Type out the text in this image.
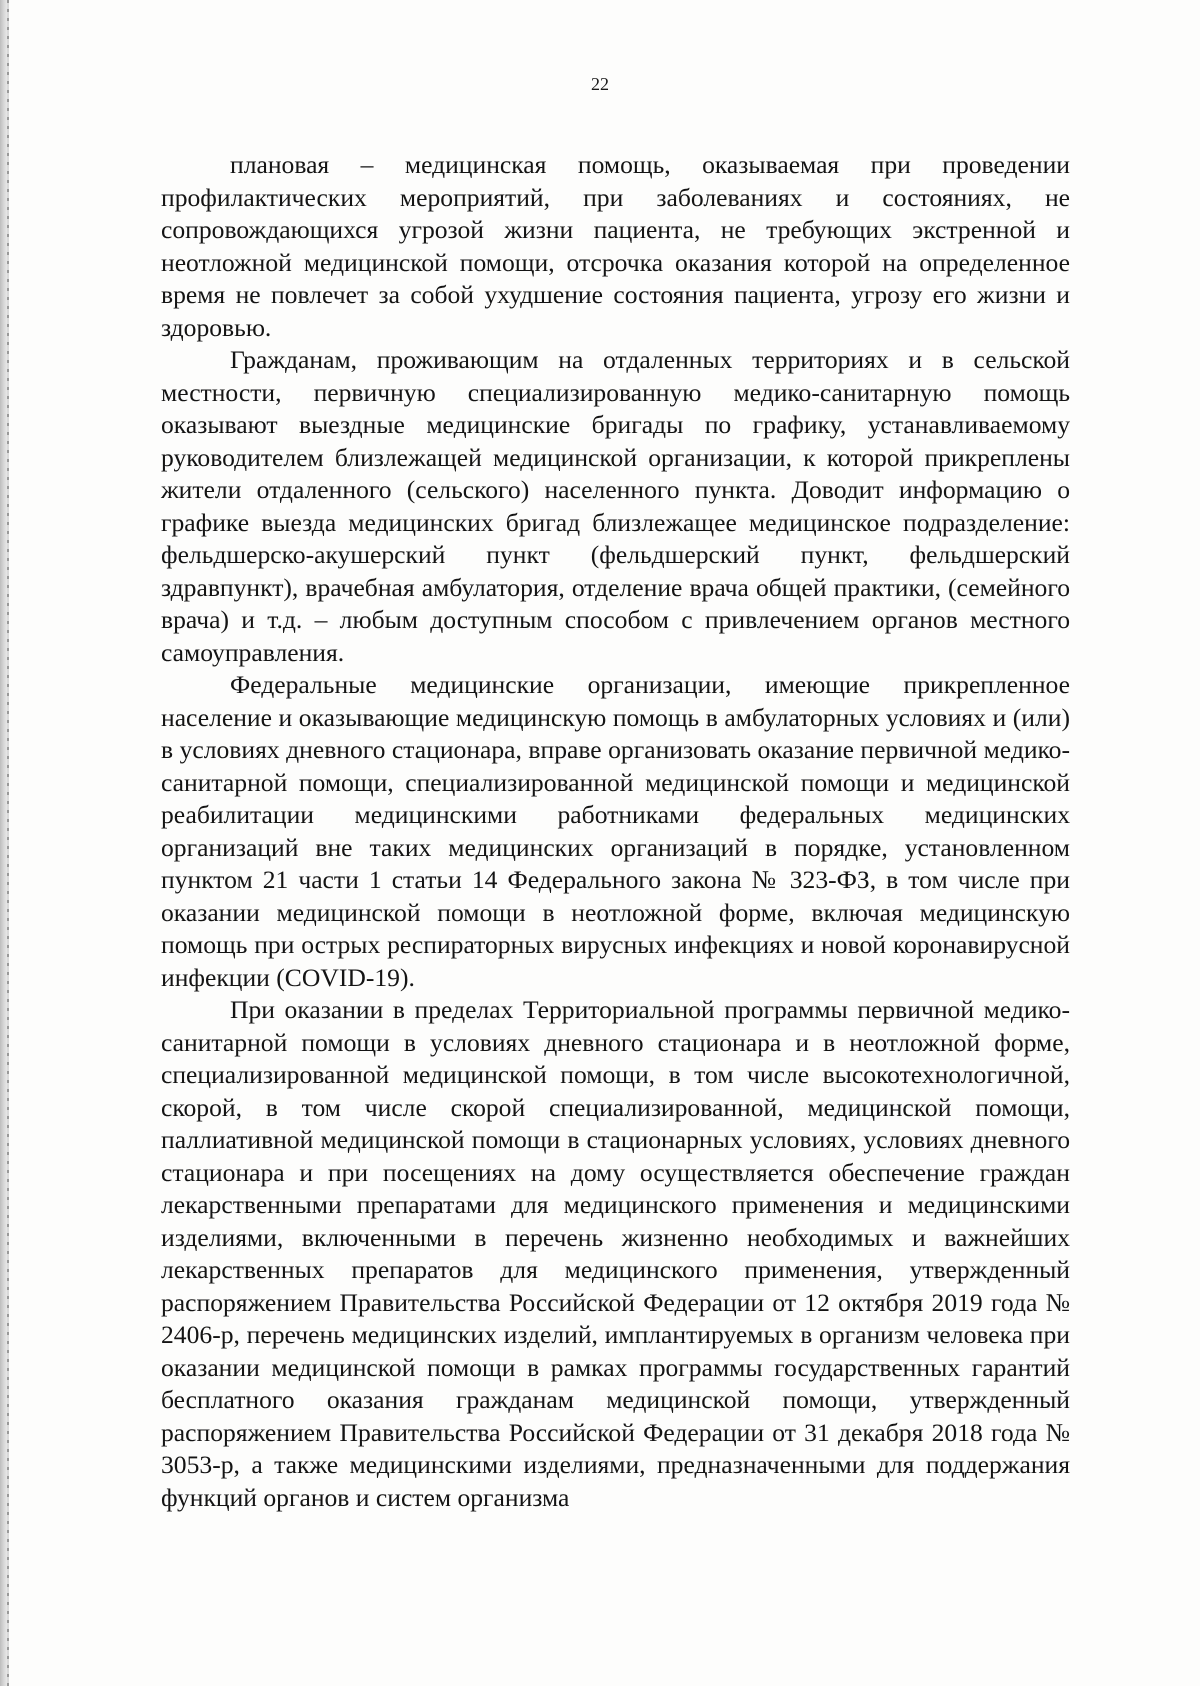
22

плановая – медицинская помощь, оказываемая при проведении профилактических мероприятий, при заболеваниях и состояниях, не сопровождающихся угрозой жизни пациента, не требующих экстренной и неотложной медицинской помощи, отсрочка оказания которой на определенное время не повлечет за собой ухудшение состояния пациента, угрозу его жизни и здоровью.

Гражданам, проживающим на отдаленных территориях и в сельской местности, первичную специализированную медико-санитарную помощь оказывают выездные медицинские бригады по графику, устанавливаемому руководителем близлежащей медицинской организации, к которой прикреплены жители отдаленного (сельского) населенного пункта. Доводит информацию о графике выезда медицинских бригад близлежащее медицинское подразделение: фельдшерско-акушерский пункт (фельдшерский пункт, фельдшерский здравпункт), врачебная амбулатория, отделение врача общей практики, (семейного врача) и т.д. – любым доступным способом с привлечением органов местного самоуправления.

Федеральные медицинские организации, имеющие прикрепленное население и оказывающие медицинскую помощь в амбулаторных условиях и (или) в условиях дневного стационара, вправе организовать оказание первичной медико-санитарной помощи, специализированной медицинской помощи и медицинской реабилитации медицинскими работниками федеральных медицинских организаций вне таких медицинских организаций в порядке, установленном пунктом 21 части 1 статьи 14 Федерального закона № 323-ФЗ, в том числе при оказании медицинской помощи в неотложной форме, включая медицинскую помощь при острых респираторных вирусных инфекциях и новой коронавирусной инфекции (COVID-19).

При оказании в пределах Территориальной программы первичной медико-санитарной помощи в условиях дневного стационара и в неотложной форме, специализированной медицинской помощи, в том числе высокотехнологичной, скорой, в том числе скорой специализированной, медицинской помощи, паллиативной медицинской помощи в стационарных условиях, условиях дневного стационара и при посещениях на дому осуществляется обеспечение граждан лекарственными препаратами для медицинского применения и медицинскими изделиями, включенными в перечень жизненно необходимых и важнейших лекарственных препаратов для медицинского применения, утвержденный распоряжением Правительства Российской Федерации от 12 октября 2019 года № 2406-р, перечень медицинских изделий, имплантируемых в организм человека при оказании медицинской помощи в рамках программы государственных гарантий бесплатного оказания гражданам медицинской помощи, утвержденный распоряжением Правительства Российской Федерации от 31 декабря 2018 года № 3053-р, а также медицинскими изделиями, предназначенными для поддержания функций органов и систем организма
